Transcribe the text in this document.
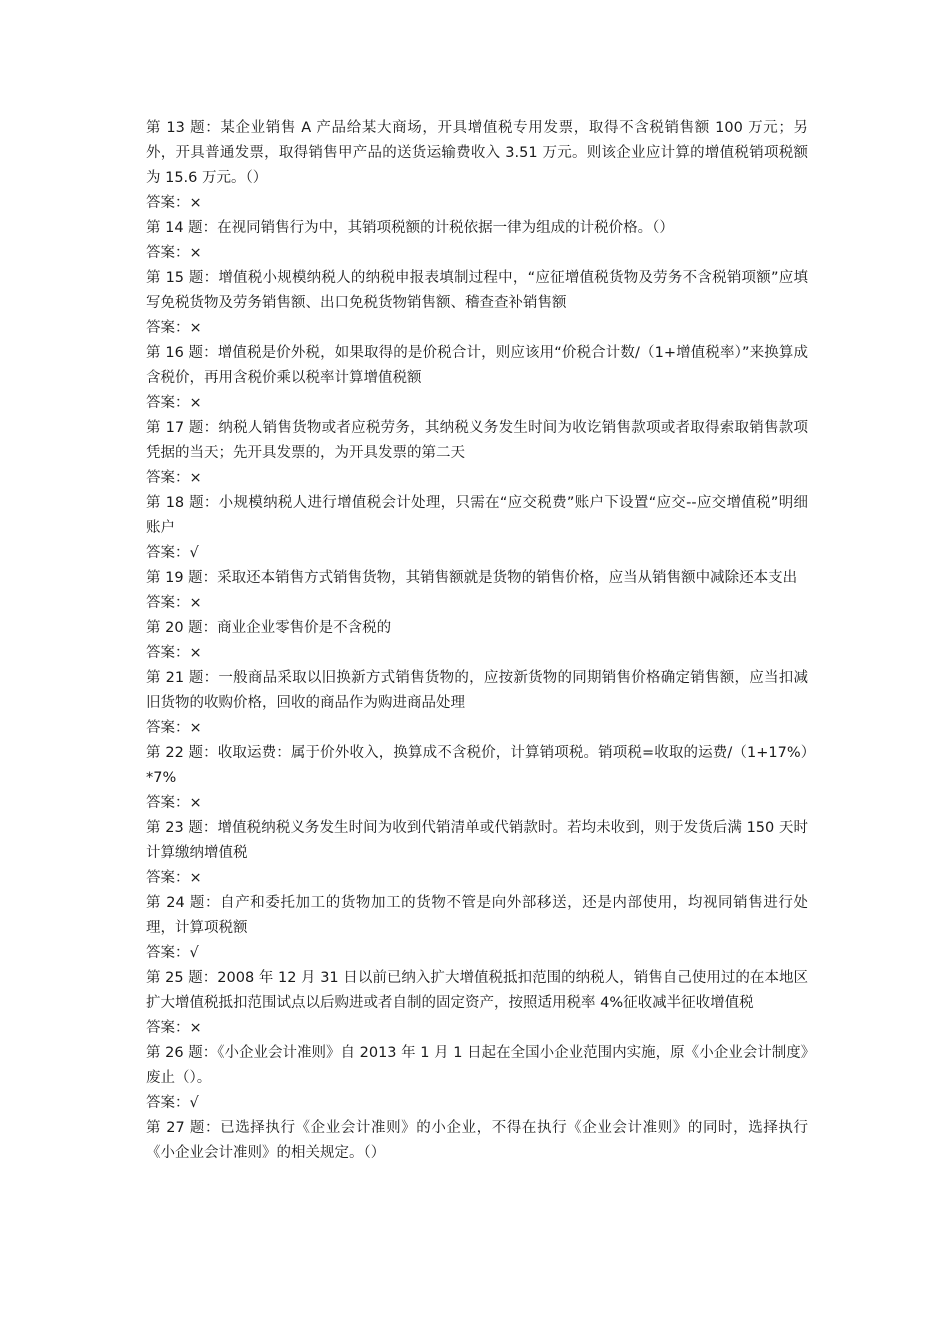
第 13 题：某企业销售 A 产品给某大商场，开具增值税专用发票，取得不含税销售额 100 万元；另外，开具普通发票，取得销售甲产品的送货运输费收入 3.51 万元。则该企业应计算的增值税销项税额为 15.6 万元。（）

答案：×

第 14 题：在视同销售行为中，其销项税额的计税依据一律为组成的计税价格。（）

答案：×

第 15 题：增值税小规模纳税人的纳税申报表填制过程中，“应征增值税货物及劳务不含税销项额”应填写免税货物及劳务销售额、出口免税货物销售额、稽查查补销售额

答案：×

第 16 题：增值税是价外税，如果取得的是价税合计，则应该用“价税合计数/（1+增值税率）”来换算成含税价，再用含税价乘以税率计算增值税额

答案：×

第 17 题：纳税人销售货物或者应税劳务，其纳税义务发生时间为收讫销售款项或者取得索取销售款项凭据的当天；先开具发票的，为开具发票的第二天

答案：×

第 18 题：小规模纳税人进行增值税会计处理，只需在“应交税费”账户下设置“应交--应交增值税”明细账户

答案：√

第 19 题：采取还本销售方式销售货物，其销售额就是货物的销售价格，应当从销售额中减除还本支出

答案：×

第 20 题：商业企业零售价是不含税的

答案：×

第 21 题：一般商品采取以旧换新方式销售货物的，应按新货物的同期销售价格确定销售额，应当扣减旧货物的收购价格，回收的商品作为购进商品处理

答案：×

第 22 题：收取运费：属于价外收入，换算成不含税价，计算销项税。销项税=收取的运费/（1+17%）*7%

答案：×

第 23 题：增值税纳税义务发生时间为收到代销清单或代销款时。若均未收到，则于发货后满 150 天时计算缴纳增值税

答案：×

第 24 题：自产和委托加工的货物加工的货物不管是向外部移送，还是内部使用，均视同销售进行处理，计算项税额

答案：√

第 25 题：2008 年 12 月 31 日以前已纳入扩大增值税抵扣范围的纳税人，销售自己使用过的在本地区扩大增值税抵扣范围试点以后购进或者自制的固定资产，按照适用税率 4%征收减半征收增值税

答案：×

第 26 题：《小企业会计准则》自 2013 年 1 月 1 日起在全国小企业范围内实施，原《小企业会计制度》废止（）。

答案：√

第 27 题：已选择执行《企业会计准则》的小企业，不得在执行《企业会计准则》的同时，选择执行《小企业会计准则》的相关规定。（）
